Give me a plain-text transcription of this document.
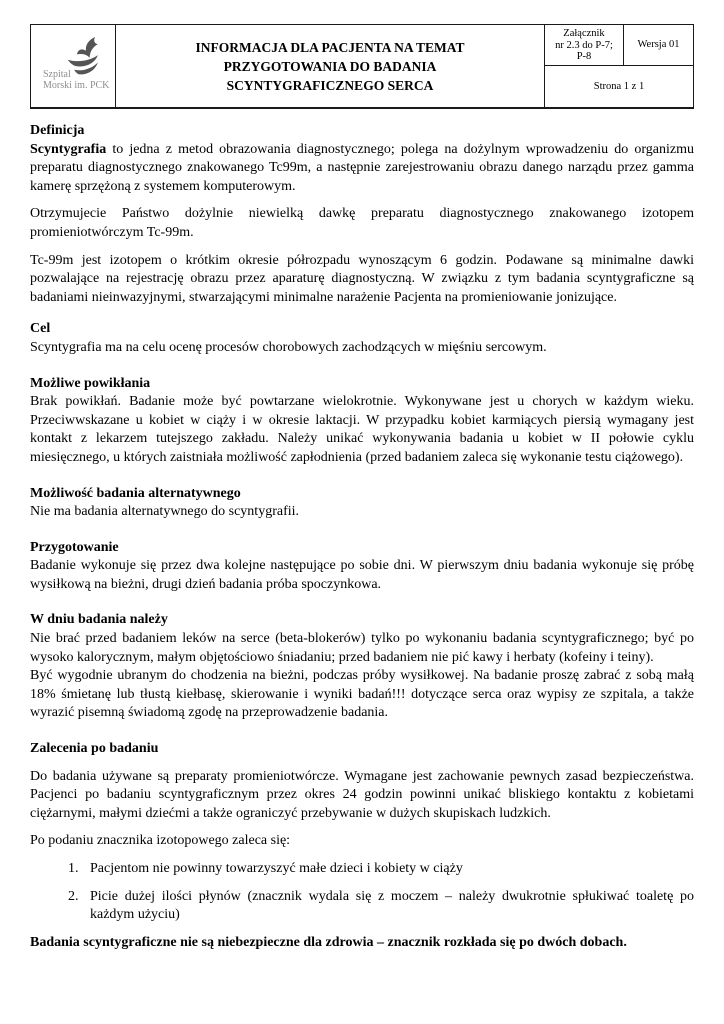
Szpital
Morski im. PCK
INFORMACJA DLA PACJENTA NA TEMAT
PRZYGOTOWANIA DO BADANIA
SCYNTYGRAFICZNEGO SERCA
Załącznik
nr 2.3 do P-7;
P-8
Wersja 01
Strona 1 z 1
Definicja

Scyntygrafia to jedna z metod obrazowania diagnostycznego; polega na dożylnym wprowadzeniu do organizmu preparatu diagnostycznego znakowanego Tc99m, a następnie zarejestrowaniu obrazu danego narządu przez gamma kamerę sprzężoną z systemem komputerowym.

Otrzymujecie Państwo dożylnie niewielką dawkę preparatu diagnostycznego znakowanego izotopem promieniotwórczym Tc-99m.

Tc-99m jest izotopem o krótkim okresie półrozpadu wynoszącym 6 godzin. Podawane są minimalne dawki pozwalające na rejestrację obrazu przez aparaturę diagnostyczną. W związku z tym badania scyntygraficzne są badaniami nieinwazyjnymi, stwarzającymi minimalne narażenie Pacjenta na promieniowanie jonizujące.

Cel

Scyntygrafia ma na celu ocenę procesów chorobowych zachodzących w mięśniu sercowym.

Możliwe powikłania

Brak powikłań. Badanie może być powtarzane wielokrotnie. Wykonywane jest u chorych w każdym wieku. Przeciwwskazane u kobiet w ciąży i w okresie laktacji. W przypadku kobiet karmiących piersią wymagany jest kontakt z lekarzem tutejszego zakładu. Należy unikać wykonywania badania u kobiet w II połowie cyklu miesięcznego, u których zaistniała możliwość zapłodnienia (przed badaniem zaleca się wykonanie testu ciążowego).

Możliwość badania alternatywnego

Nie ma badania alternatywnego do scyntygrafii.

Przygotowanie

Badanie wykonuje się przez dwa kolejne następujące po sobie dni. W pierwszym dniu badania wykonuje się próbę wysiłkową na bieżni, drugi dzień badania próba spoczynkowa.

W dniu badania należy

Nie brać przed badaniem leków na serce (beta-blokerów) tylko po wykonaniu badania scyntygraficznego; być po wysoko kalorycznym, małym objętościowo śniadaniu; przed badaniem nie pić kawy i herbaty (kofeiny i teiny).

Być wygodnie ubranym do chodzenia na bieżni, podczas próby wysiłkowej. Na badanie proszę zabrać z sobą małą 18% śmietanę lub tłustą kiełbasę, skierowanie i wyniki badań!!! dotyczące serca oraz wypisy ze szpitala, a także wyrazić pisemną świadomą zgodę na przeprowadzenie badania.

Zalecenia po badaniu

Do badania używane są preparaty promieniotwórcze. Wymagane jest zachowanie pewnych zasad bezpieczeństwa. Pacjenci po badaniu scyntygraficznym przez okres 24 godzin powinni unikać bliskiego kontaktu z kobietami ciężarnymi, małymi dziećmi a także ograniczyć przebywanie w dużych skupiskach ludzkich.

Po podaniu znacznika izotopowego zaleca się:

1. Pacjentom nie powinny towarzyszyć małe dzieci i kobiety w ciąży
2. Picie dużej ilości płynów (znacznik wydala się z moczem – należy dwukrotnie spłukiwać toaletę po każdym użyciu)

Badania scyntygraficzne nie są niebezpieczne dla zdrowia – znacznik rozkłada się po dwóch dobach.
